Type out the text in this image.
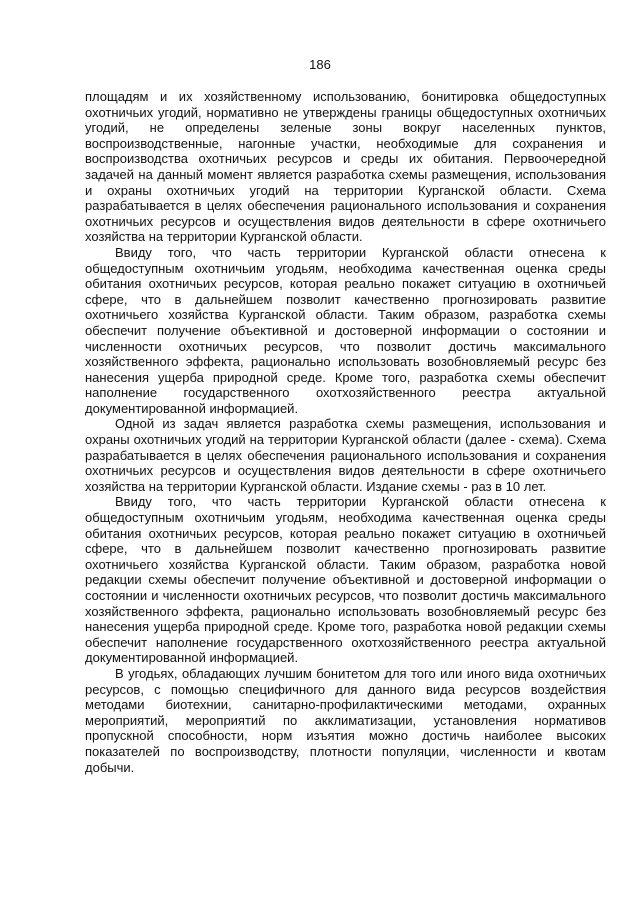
186

площадям и их хозяйственному использованию, бонитировка общедоступных охотничьих угодий, нормативно не утверждены границы общедоступных охотничьих угодий, не определены зеленые зоны вокруг населенных пунктов, воспроизводственные, нагонные участки, необходимые для сохранения и воспроизводства охотничьих ресурсов и среды их обитания. Первоочередной задачей на данный момент является разработка схемы размещения, использования и охраны охотничьих угодий на территории Курганской области. Схема разрабатывается в целях обеспечения рационального использования и сохранения охотничьих ресурсов и осуществления видов деятельности в сфере охотничьего хозяйства на территории Курганской области.

Ввиду того, что часть территории Курганской области отнесена к общедоступным охотничьим угодьям, необходима качественная оценка среды обитания охотничьих ресурсов, которая реально покажет ситуацию в охотничьей сфере, что в дальнейшем позволит качественно прогнозировать развитие охотничьего хозяйства Курганской области. Таким образом, разработка схемы обеспечит получение объективной и достоверной информации о состоянии и численности охотничьих ресурсов, что позволит достичь максимального хозяйственного эффекта, рационально использовать возобновляемый ресурс без нанесения ущерба природной среде. Кроме того, разработка схемы обеспечит наполнение государственного охотхозяйственного реестра актуальной документированной информацией.

Одной из задач является разработка схемы размещения, использования и охраны охотничьих угодий на территории Курганской области (далее - схема). Схема разрабатывается в целях обеспечения рационального использования и сохранения охотничьих ресурсов и осуществления видов деятельности в сфере охотничьего хозяйства на территории Курганской области. Издание схемы - раз в 10 лет.

Ввиду того, что часть территории Курганской области отнесена к общедоступным охотничьим угодьям, необходима качественная оценка среды обитания охотничьих ресурсов, которая реально покажет ситуацию в охотничьей сфере, что в дальнейшем позволит качественно прогнозировать развитие охотничьего хозяйства Курганской области. Таким образом, разработка новой редакции схемы обеспечит получение объективной и достоверной информации о состоянии и численности охотничьих ресурсов, что позволит достичь максимального хозяйственного эффекта, рационально использовать возобновляемый ресурс без нанесения ущерба природной среде. Кроме того, разработка новой редакции схемы обеспечит наполнение государственного охотхозяйственного реестра актуальной документированной информацией.

В угодьях, обладающих лучшим бонитетом для того или иного вида охотничьих ресурсов, с помощью специфичного для данного вида ресурсов воздействия методами биотехнии, санитарно-профилактическими методами, охранных мероприятий, мероприятий по акклиматизации, установления нормативов пропускной способности, норм изъятия можно достичь наиболее высоких показателей по воспроизводству, плотности популяции, численности и квотам добычи.
